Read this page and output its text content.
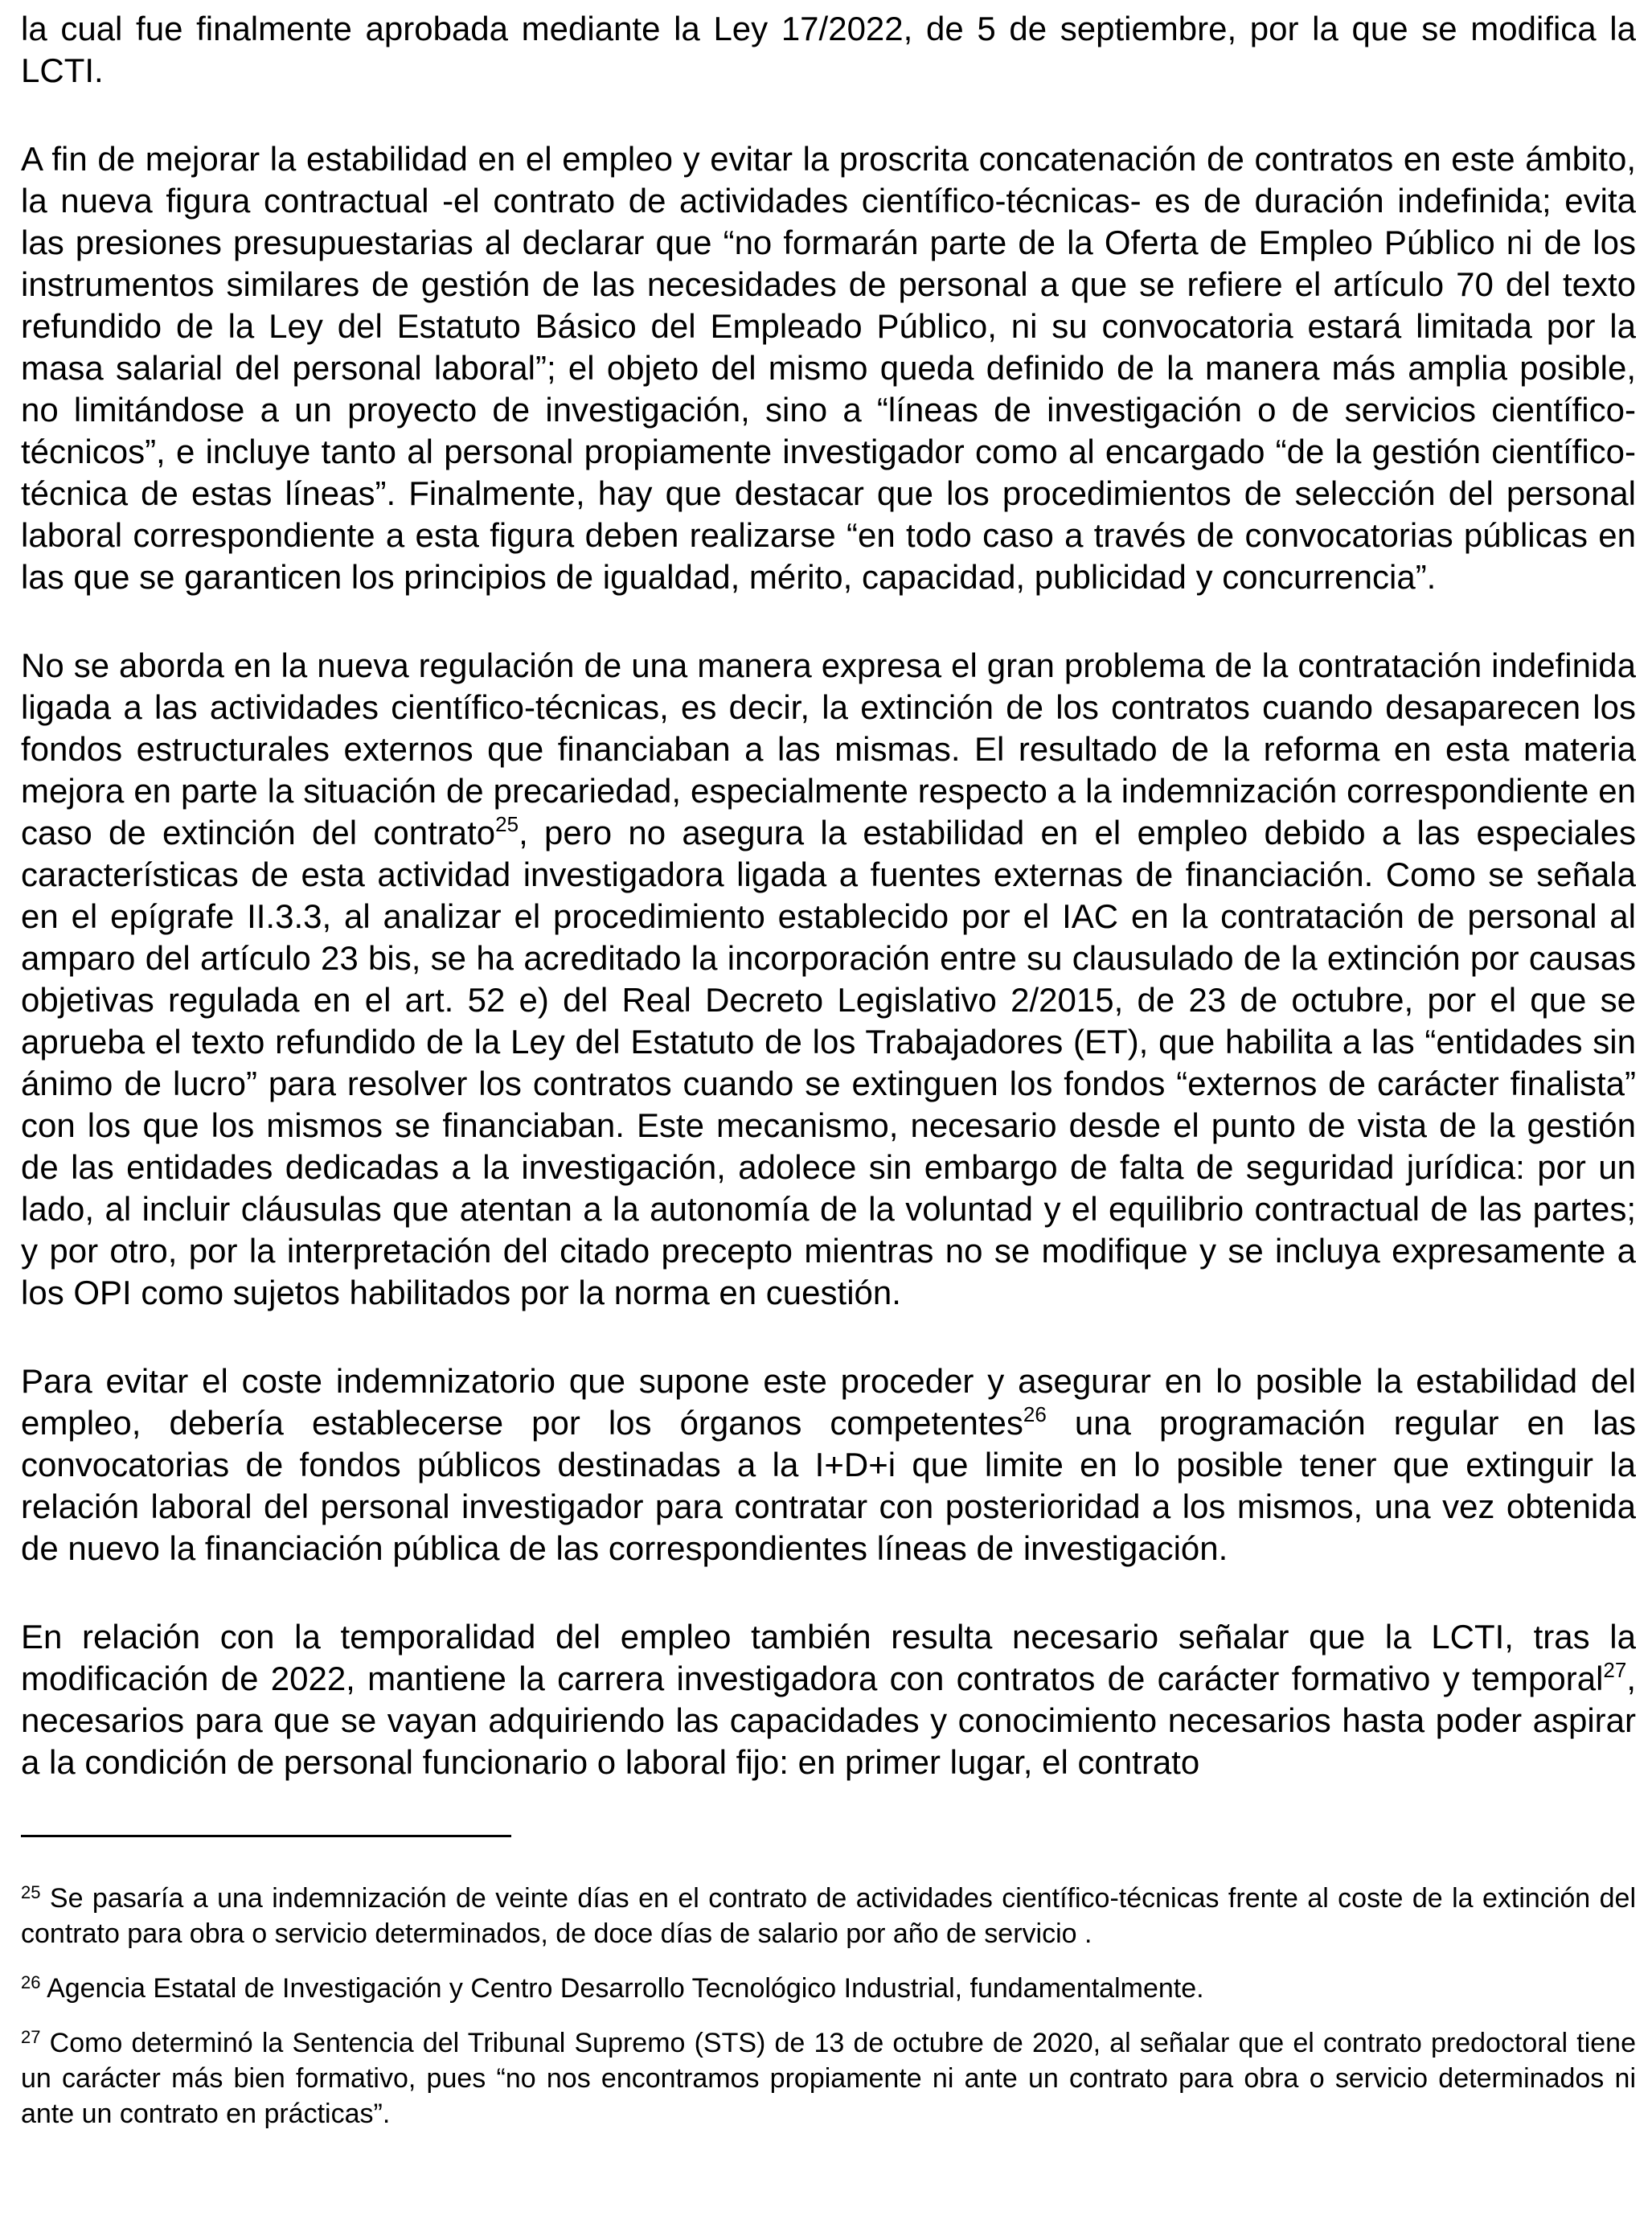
la cual fue finalmente aprobada mediante la Ley 17/2022, de 5 de septiembre, por la que se modifica la LCTI.

A fin de mejorar la estabilidad en el empleo y evitar la proscrita concatenación de contratos en este ámbito, la nueva figura contractual -el contrato de actividades científico-técnicas- es de duración indefinida; evita las presiones presupuestarias al declarar que “no formarán parte de la Oferta de Empleo Público ni de los instrumentos similares de gestión de las necesidades de personal a que se refiere el artículo 70 del texto refundido de la Ley del Estatuto Básico del Empleado Público, ni su convocatoria estará limitada por la masa salarial del personal laboral”; el objeto del mismo queda definido de la manera más amplia posible, no limitándose a un proyecto de investigación, sino a “líneas de investigación o de servicios científico-técnicos”, e incluye tanto al personal propiamente investigador como al encargado “de la gestión científico-técnica de estas líneas”. Finalmente, hay que destacar que los procedimientos de selección del personal laboral correspondiente a esta figura deben realizarse “en todo caso a través de convocatorias públicas en las que se garanticen los principios de igualdad, mérito, capacidad, publicidad y concurrencia”.

No se aborda en la nueva regulación de una manera expresa el gran problema de la contratación indefinida ligada a las actividades científico-técnicas, es decir, la extinción de los contratos cuando desaparecen los fondos estructurales externos que financiaban a las mismas. El resultado de la reforma en esta materia mejora en parte la situación de precariedad, especialmente respecto a la indemnización correspondiente en caso de extinción del contrato$^{25}$, pero no asegura la estabilidad en el empleo debido a las especiales características de esta actividad investigadora ligada a fuentes externas de financiación. Como se señala en el epígrafe II.3.3, al analizar el procedimiento establecido por el IAC en la contratación de personal al amparo del artículo 23 bis, se ha acreditado la incorporación entre su clausulado de la extinción por causas objetivas regulada en el art. 52 e) del Real Decreto Legislativo 2/2015, de 23 de octubre, por el que se aprueba el texto refundido de la Ley del Estatuto de los Trabajadores (ET), que habilita a las “entidades sin ánimo de lucro” para resolver los contratos cuando se extinguen los fondos “externos de carácter finalista” con los que los mismos se financiaban. Este mecanismo, necesario desde el punto de vista de la gestión de las entidades dedicadas a la investigación, adolece sin embargo de falta de seguridad jurídica: por un lado, al incluir cláusulas que atentan a la autonomía de la voluntad y el equilibrio contractual de las partes; y por otro, por la interpretación del citado precepto mientras no se modifique y se incluya expresamente a los OPI como sujetos habilitados por la norma en cuestión.

Para evitar el coste indemnizatorio que supone este proceder y asegurar en lo posible la estabilidad del empleo, debería establecerse por los órganos competentes$^{26}$ una programación regular en las convocatorias de fondos públicos destinadas a la I+D+i que limite en lo posible tener que extinguir la relación laboral del personal investigador para contratar con posterioridad a los mismos, una vez obtenida de nuevo la financiación pública de las correspondientes líneas de investigación.

En relación con la temporalidad del empleo también resulta necesario señalar que la LCTI, tras la modificación de 2022, mantiene la carrera investigadora con contratos de carácter formativo y temporal$^{27}$, necesarios para que se vayan adquiriendo las capacidades y conocimiento necesarios hasta poder aspirar a la condición de personal funcionario o laboral fijo: en primer lugar, el contrato

$^{25}$ Se pasaría a una indemnización de veinte días en el contrato de actividades científico-técnicas frente al coste de la extinción del contrato para obra o servicio determinados, de doce días de salario por año de servicio .
$^{26}$ Agencia Estatal de Investigación y Centro Desarrollo Tecnológico Industrial, fundamentalmente.
$^{27}$ Como determinó la Sentencia del Tribunal Supremo (STS) de 13 de octubre de 2020, al señalar que el contrato predoctoral tiene un carácter más bien formativo, pues “no nos encontramos propiamente ni ante un contrato para obra o servicio determinados ni ante un contrato en prácticas”.
